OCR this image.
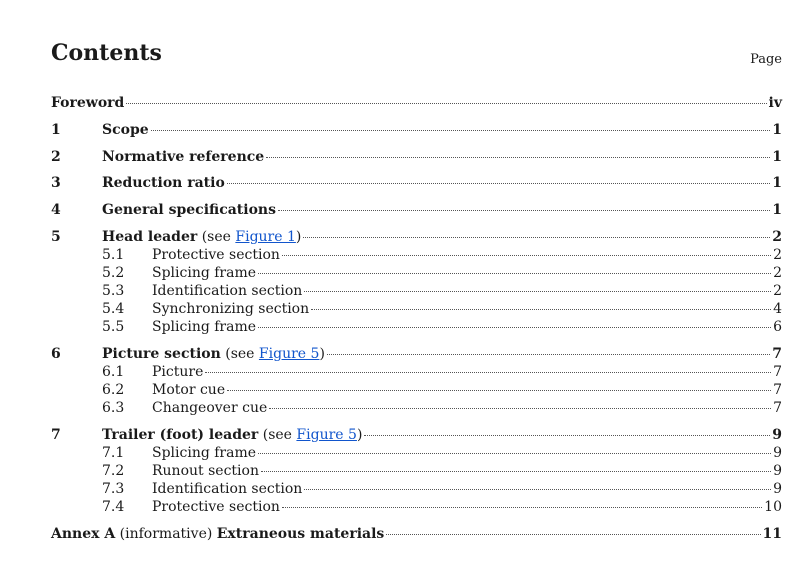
Contents	Page
Foreword	iv
1	Scope	1
2	Normative reference	1
3	Reduction ratio	1
4	General specifications	1
5	Head leader (see Figure 1)	2
5.1	Protective section	2
5.2	Splicing frame	2
5.3	Identification section	2
5.4	Synchronizing section	4
5.5	Splicing frame	6
6	Picture section (see Figure 5)	7
6.1	Picture	7
6.2	Motor cue	7
6.3	Changeover cue	7
7	Trailer (foot) leader (see Figure 5)	9
7.1	Splicing frame	9
7.2	Runout section	9
7.3	Identification section	9
7.4	Protective section	10
Annex A (informative) Extraneous materials	11
